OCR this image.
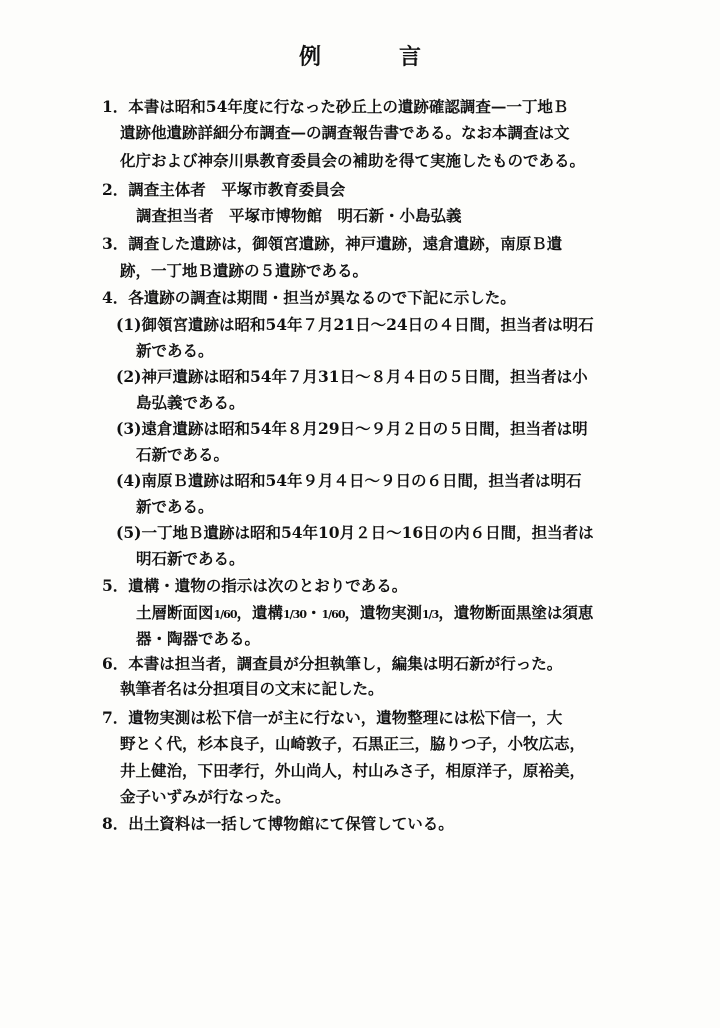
例　言
1．本書は昭和54年度に行なった砂丘上の遺跡確認調査—一丁地Ｂ
遺跡他遺跡詳細分布調査—の調査報告書である。なお本調査は文
化庁および神奈川県教育委員会の補助を得て実施したものである。
2．調査主体者　平塚市教育委員会
調査担当者　平塚市博物館　明石新・小島弘義
3．調査した遺跡は，御領宮遺跡，神戸遺跡，遠倉遺跡，南原Ｂ遺
跡，一丁地Ｂ遺跡の５遺跡である。
4．各遺跡の調査は期間・担当が異なるので下記に示した。
(1)御領宮遺跡は昭和54年７月21日～24日の４日間，担当者は明石
新である。
(2)神戸遺跡は昭和54年７月31日～８月４日の５日間，担当者は小
島弘義である。
(3)遠倉遺跡は昭和54年８月29日～９月２日の５日間，担当者は明
石新である。
(4)南原Ｂ遺跡は昭和54年９月４日～９日の６日間，担当者は明石
新である。
(5)一丁地Ｂ遺跡は昭和54年10月２日～16日の内６日間，担当者は
明石新である。
5．遺構・遺物の指示は次のとおりである。
土層断面図1/60，遺構1/30・1/60，遺物実測1/3，遺物断面黒塗は須恵
器・陶器である。
6．本書は担当者，調査員が分担執筆し，編集は明石新が行った。
執筆者名は分担項目の文末に記した。
7．遺物実測は松下信一が主に行ない，遺物整理には松下信一，大
野とく代，杉本良子，山崎敦子，石黒正三，脇りつ子，小牧広志，
井上健治，下田孝行，外山尚人，村山みさ子，相原洋子，原裕美，
金子いずみが行なった。
8．出土資料は一括して博物館にて保管している。
